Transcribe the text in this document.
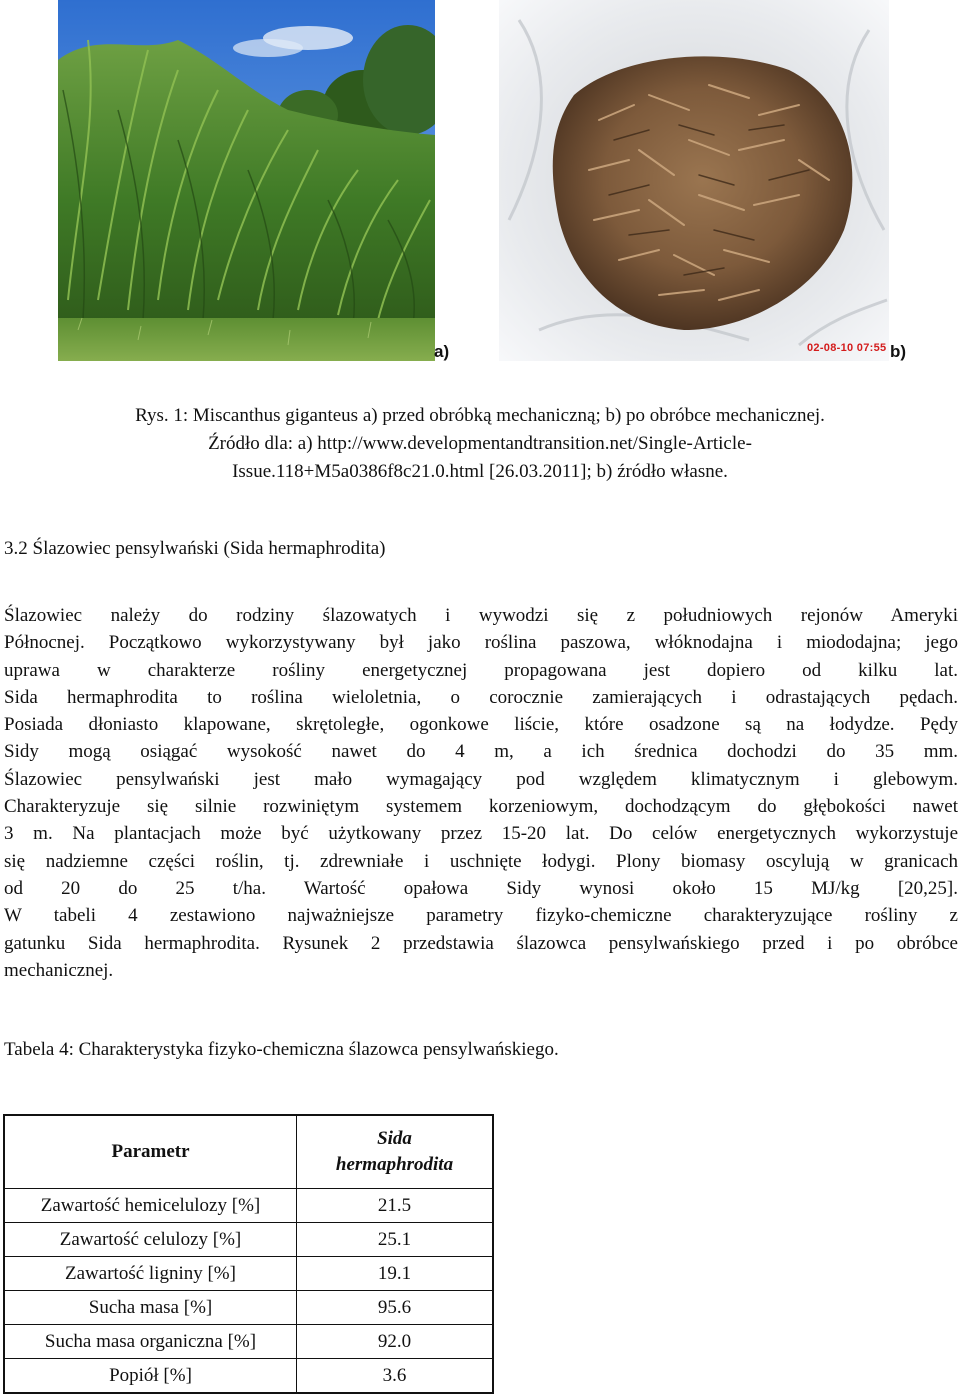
a)	02-08-10 07:55 b)
Rys. 1: Miscanthus giganteus a) przed obróbką mechaniczną; b) po obróbce mechanicznej.
Źródło dla: a) http://www.developmentandtransition.net/Single-Article-
Issue.118+M5a0386f8c21.0.html [26.03.2011]; b) źródło własne.
3.2 Ślazowiec pensylwański (Sida hermaphrodita)

Ślazowiec należy do rodziny ślazowatych i wywodzi się z południowych rejonów Ameryki
Północnej. Początkowo wykorzystywany był jako roślina paszowa, włóknodajna i miododajna; jego
uprawa w charakterze rośliny energetycznej propagowana jest dopiero od kilku lat.
Sida hermaphrodita to roślina wieloletnia, o corocznie zamierających i odrastających pędach.
Posiada dłoniasto klapowane, skrętoległe, ogonkowe liście, które osadzone są na łodydze. Pędy
Sidy mogą osiągać wysokość nawet do 4 m, a ich średnica dochodzi do 35 mm.
Ślazowiec pensylwański jest mało wymagający pod względem klimatycznym i glebowym.
Charakteryzuje się silnie rozwiniętym systemem korzeniowym, dochodzącym do głębokości nawet
3 m. Na plantacjach może być użytkowany przez 15-20 lat. Do celów energetycznych wykorzystuje
się nadziemne części roślin, tj. zdrewniałe i uschnięte łodygi. Plony biomasy oscylują w granicach
od 20 do 25 t/ha. Wartość opałowa Sidy wynosi około 15 MJ/kg [20,25].
W tabeli 4 zestawiono najważniejsze parametry fizyko-chemiczne charakteryzujące rośliny z
gatunku Sida hermaphrodita. Rysunek 2 przedstawia ślazowca pensylwańskiego przed i po obróbce
mechanicznej.

Tabela 4: Charakterystyka fizyko-chemiczna ślazowca pensylwańskiego.
Parametr	Sida
hermaphrodita
Zawartość hemicelulozy [%]	21.5
Zawartość celulozy [%]	25.1
Zawartość ligniny [%]	19.1
Sucha masa [%]	95.6
Sucha masa organiczna [%]	92.0
Popiół [%]	3.6
